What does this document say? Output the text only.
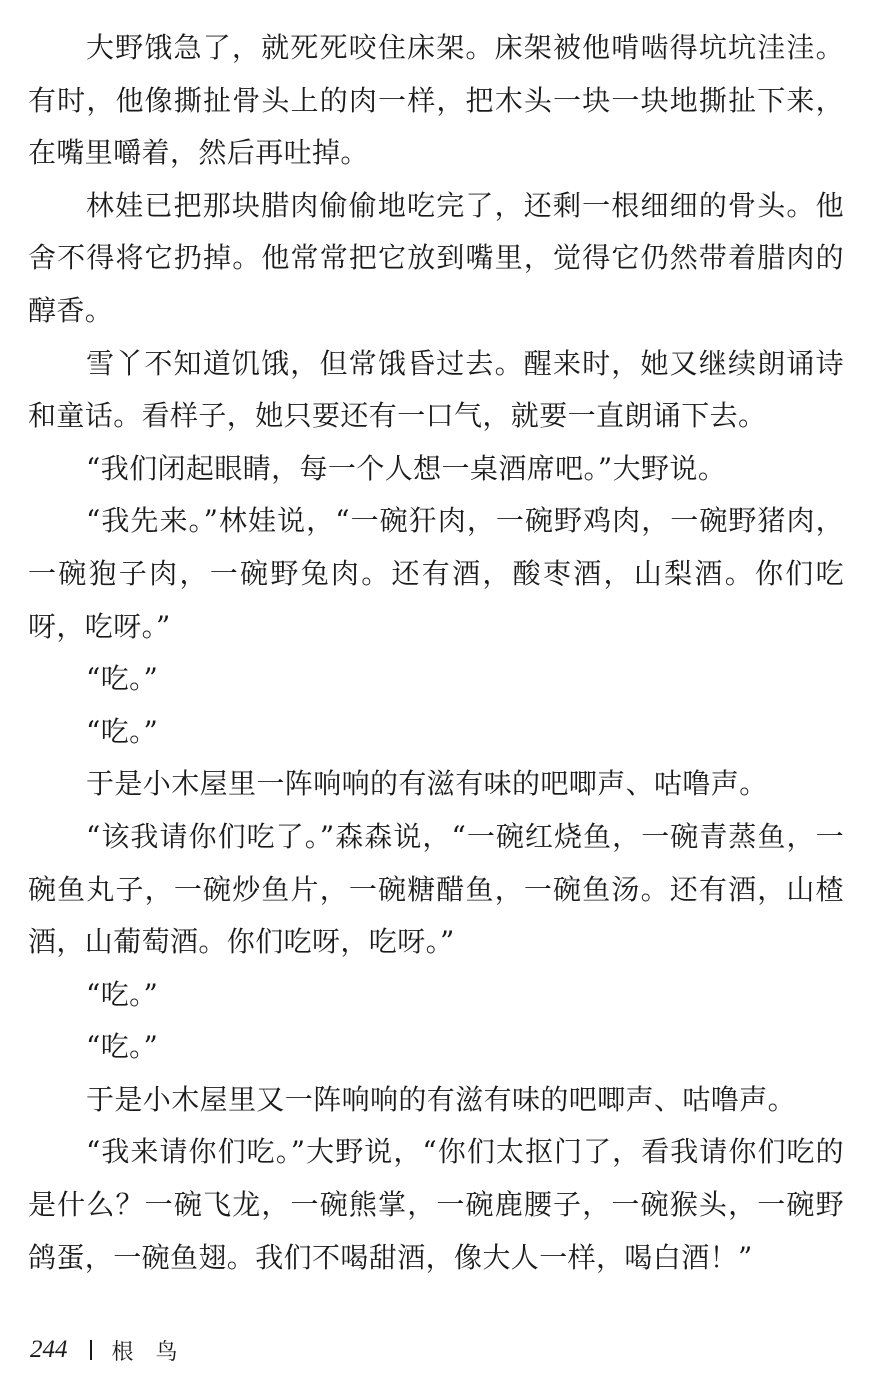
大野饿急了，就死死咬住床架。床架被他啃啮得坑坑洼洼。有时，他像撕扯骨头上的肉一样，把木头一块一块地撕扯下来，在嘴里嚼着，然后再吐掉。

林娃已把那块腊肉偷偷地吃完了，还剩一根细细的骨头。他舍不得将它扔掉。他常常把它放到嘴里，觉得它仍然带着腊肉的醇香。

雪丫不知道饥饿，但常饿昏过去。醒来时，她又继续朗诵诗和童话。看样子，她只要还有一口气，就要一直朗诵下去。

“我们闭起眼睛，每一个人想一桌酒席吧。”大野说。

“我先来。”林娃说，“一碗犴肉，一碗野鸡肉，一碗野猪肉，一碗狍子肉，一碗野兔肉。还有酒，酸枣酒，山梨酒。你们吃呀，吃呀。”

“吃。”

“吃。”

于是小木屋里一阵响响的有滋有味的吧唧声、咕噜声。

“该我请你们吃了。”森森说，“一碗红烧鱼，一碗青蒸鱼，一碗鱼丸子，一碗炒鱼片，一碗糖醋鱼，一碗鱼汤。还有酒，山楂酒，山葡萄酒。你们吃呀，吃呀。”

“吃。”

“吃。”

于是小木屋里又一阵响响的有滋有味的吧唧声、咕噜声。

“我来请你们吃。”大野说，“你们太抠门了，看我请你们吃的是什么？一碗飞龙，一碗熊掌，一碗鹿腰子，一碗猴头，一碗野鸽蛋，一碗鱼翅。我们不喝甜酒，像大人一样，喝白酒！”

244 根鸟
